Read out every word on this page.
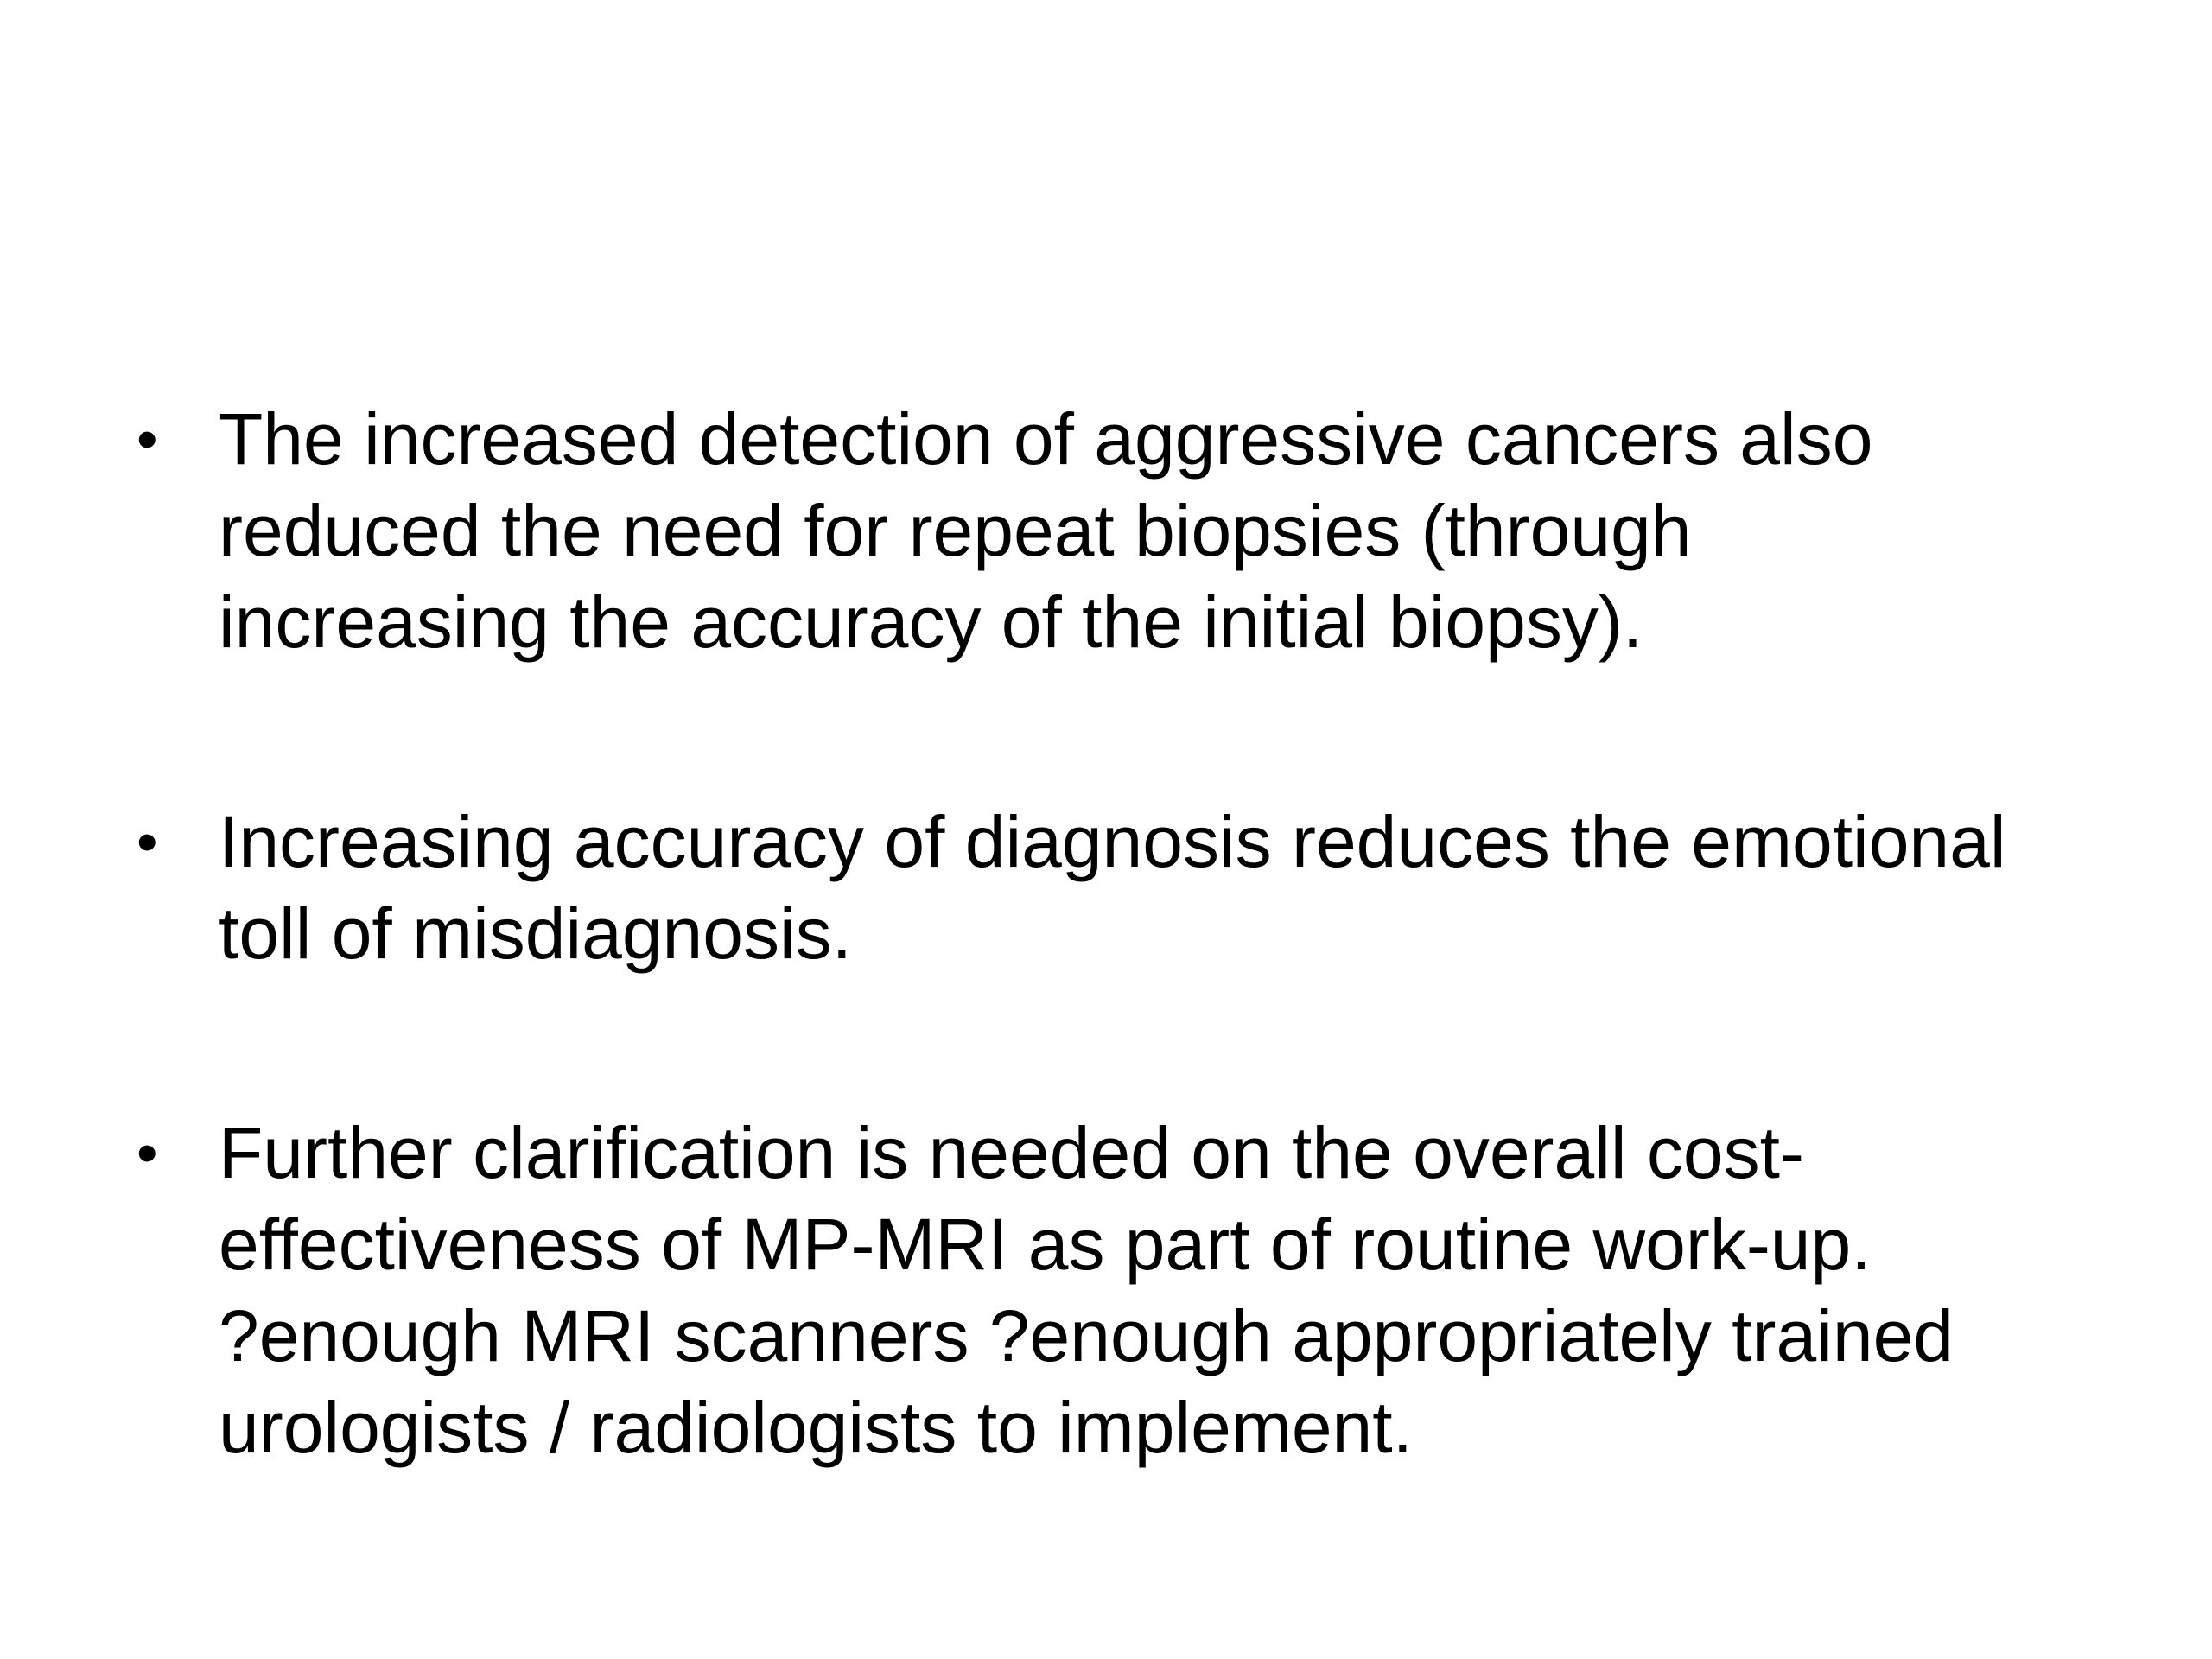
• The increased detection of aggressive cancers also
reduced the need for repeat biopsies (through
increasing the accuracy of the initial biopsy).
• Increasing accuracy of diagnosis reduces the emotional
toll of misdiagnosis.
• Further clarification is needed on the overall cost-
effectiveness of MP-MRI as part of routine work-up.
?enough MRI scanners ?enough appropriately trained
urologists / radiologists to implement.
